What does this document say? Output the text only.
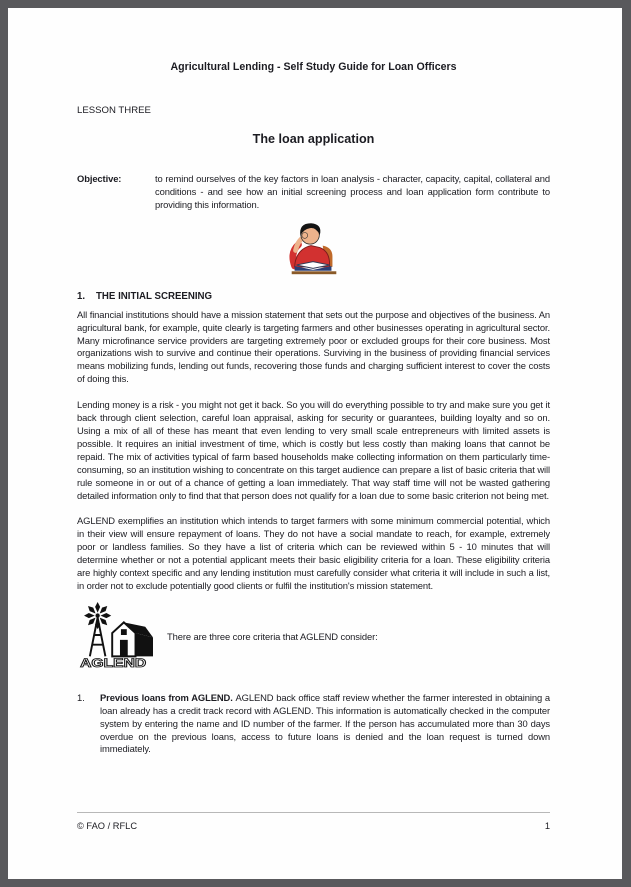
Agricultural Lending - Self Study Guide for Loan Officers
LESSON THREE
The loan application
Objective:	to remind ourselves of the key factors in loan analysis - character, capacity, capital, collateral and conditions - and see how an initial screening process and loan application form contribute to providing this information.
1.	THE INITIAL SCREENING
All financial institutions should have a mission statement that sets out the purpose and objectives of the business. An agricultural bank, for example, quite clearly is targeting farmers and other businesses operating in agricultural sector. Many microfinance service providers are targeting extremely poor or excluded groups for their core business. Most organizations wish to survive and continue their operations. Surviving in the business of providing financial services means mobilizing funds, lending out funds, recovering those funds and charging sufficient interest to cover the costs of doing this.
Lending money is a risk - you might not get it back. So you will do everything possible to try and make sure you get it back through client selection, careful loan appraisal, asking for security or guarantees, building loyalty and so on. Using a mix of all of these has meant that even lending to very small scale entrepreneurs with limited assets is possible. It requires an initial investment of time, which is costly but less costly than making loans that cannot be repaid. The mix of activities typical of farm based households make collecting information on them particularly time-consuming, so an institution wishing to concentrate on this target audience can prepare a list of basic criteria that will rule someone in or out of a chance of getting a loan immediately. That way staff time will not be wasted gathering detailed information only to find that that person does not qualify for a loan due to some basic criterion not being met.
AGLEND exemplifies an institution which intends to target farmers with some minimum commercial potential, which in their view will ensure repayment of loans. They do not have a social mandate to reach, for example, extremely poor or landless families. So they have a list of criteria which can be reviewed within 5 - 10 minutes that will determine whether or not a potential applicant meets their basic eligibility criteria for a loan. These eligibility criteria are highly context specific and any lending institution must carefully consider what criteria it will include in such a list, in order not to exclude potentially good clients or fulfil the institution's mission statement.
AGLEND
There are three core criteria that AGLEND consider:
1.	Previous loans from AGLEND. AGLEND back office staff review whether the farmer interested in obtaining a loan already has a credit track record with AGLEND. This information is automatically checked in the computer system by entering the name and ID number of the farmer. If the person has accumulated more than 30 days overdue on the previous loans, access to future loans is denied and the loan request is turned down immediately.
© FAO / RFLC	1
